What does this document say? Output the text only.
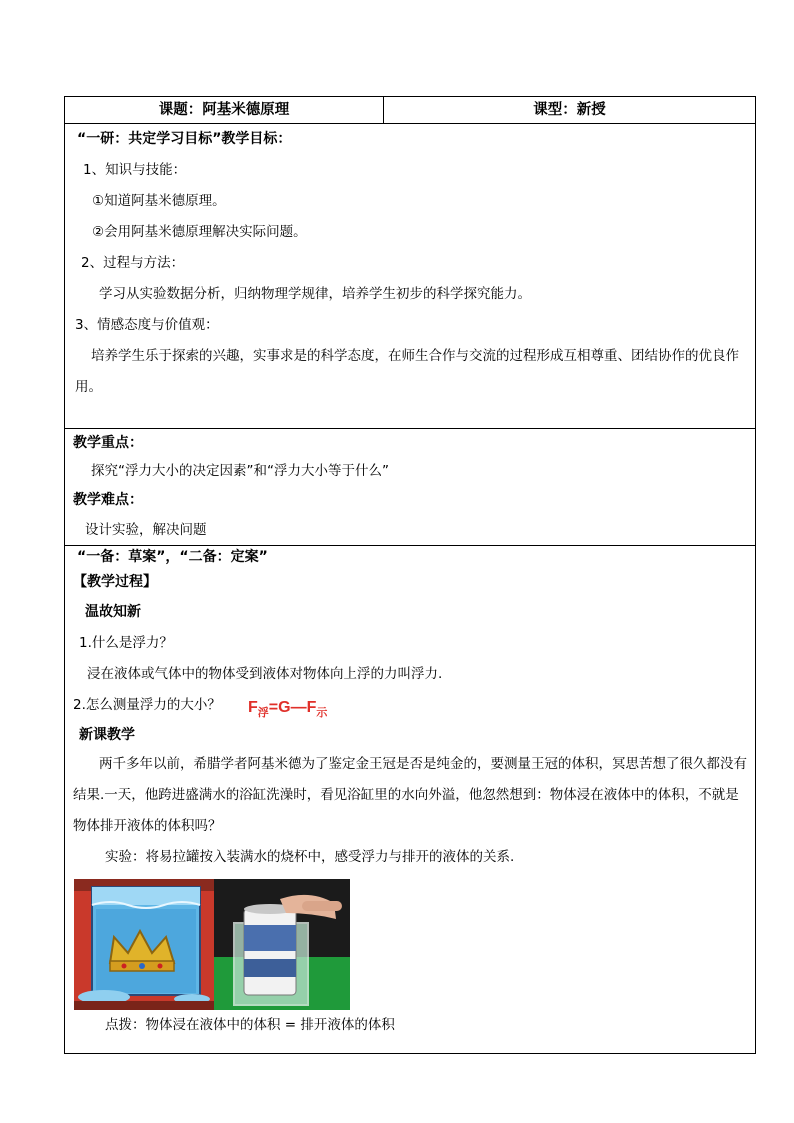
课题：阿基米德原理	课型：新授

“一研：共定学习目标”教学目标：
1、知识与技能：
①知道阿基米德原理。
②会用阿基米德原理解决实际问题。
2、过程与方法：
学习从实验数据分析，归纳物理学规律，培养学生初步的科学探究能力。
3、情感态度与价值观：
培养学生乐于探索的兴趣，实事求是的科学态度，在师生合作与交流的过程形成互相尊重、团结协作的优良作用。

教学重点：
探究“浮力大小的决定因素”和“浮力大小等于什么”
教学难点：
设计实验，解决问题

“一备：草案”，“二备：定案”
【教学过程】
温故知新
1.什么是浮力？
浸在液体或气体中的物体受到液体对物体向上浮的力叫浮力.
2.怎么测量浮力的大小？ $F_浮=G—F_示$
新课教学
两千多年以前，希腊学者阿基米德为了鉴定金王冠是否是纯金的，要测量王冠的体积，冥思苦想了很久都没有结果.一天，他跨进盛满水的浴缸洗澡时，看见浴缸里的水向外溢，他忽然想到：物体浸在液体中的体积，不就是物体排开液体的体积吗？
实验：将易拉罐按入装满水的烧杯中，感受浮力与排开的液体的关系.
点拨：物体浸在液体中的体积 = 排开液体的体积
